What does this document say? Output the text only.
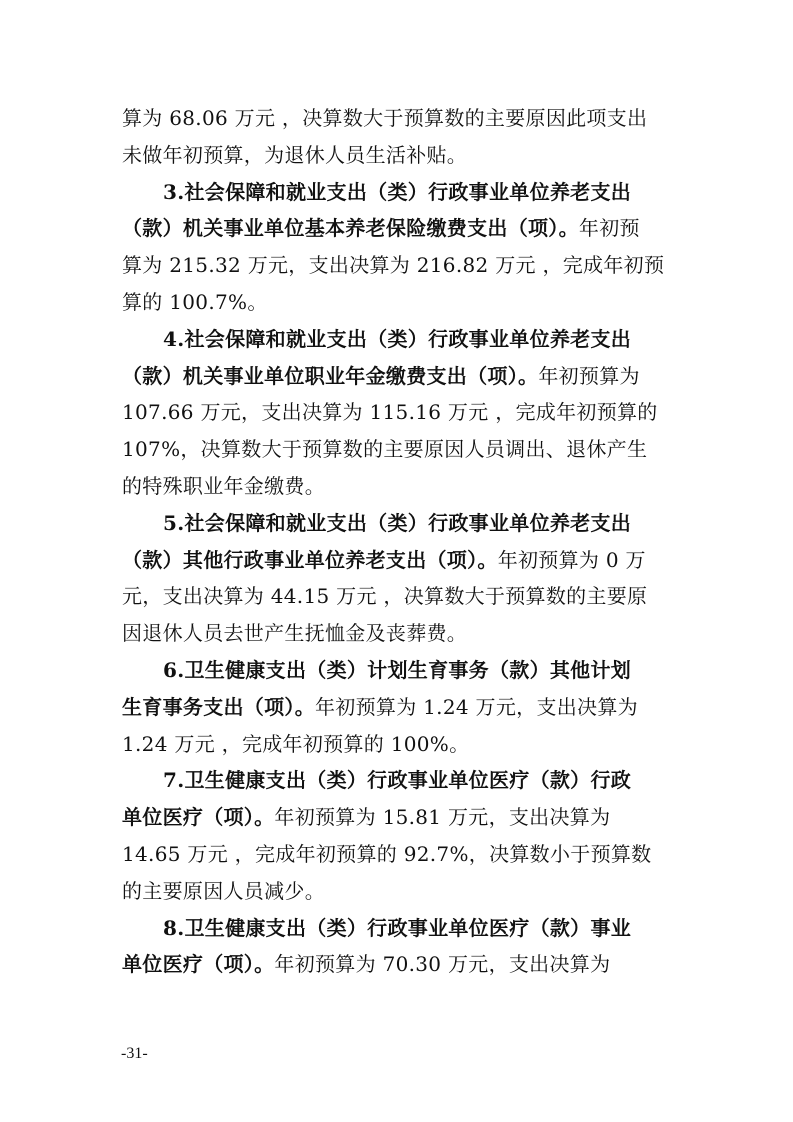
算为 68.06 万元 ，决算数大于预算数的主要原因此项支出
未做年初预算，为退休人员生活补贴。
3.社会保障和就业支出（类）行政事业单位养老支出
（款）机关事业单位基本养老保险缴费支出（项）。年初预
算为 215.32 万元，支出决算为 216.82 万元 ，完成年初预
算的 100.7%。
4.社会保障和就业支出（类）行政事业单位养老支出
（款）机关事业单位职业年金缴费支出（项）。年初预算为
107.66 万元，支出决算为 115.16 万元 ，完成年初预算的
107%，决算数大于预算数的主要原因人员调出、退休产生
的特殊职业年金缴费。
5.社会保障和就业支出（类）行政事业单位养老支出
（款）其他行政事业单位养老支出（项）。年初预算为 0 万
元，支出决算为 44.15 万元 ，决算数大于预算数的主要原
因退休人员去世产生抚恤金及丧葬费。
6.卫生健康支出（类）计划生育事务（款）其他计划
生育事务支出（项）。年初预算为 1.24 万元，支出决算为
1.24 万元 ，完成年初预算的 100%。
7.卫生健康支出（类）行政事业单位医疗（款）行政
单位医疗（项）。年初预算为 15.81 万元，支出决算为
14.65 万元 ，完成年初预算的 92.7%，决算数小于预算数
的主要原因人员减少。
8.卫生健康支出（类）行政事业单位医疗（款）事业
单位医疗（项）。年初预算为 70.30 万元，支出决算为
-31-
